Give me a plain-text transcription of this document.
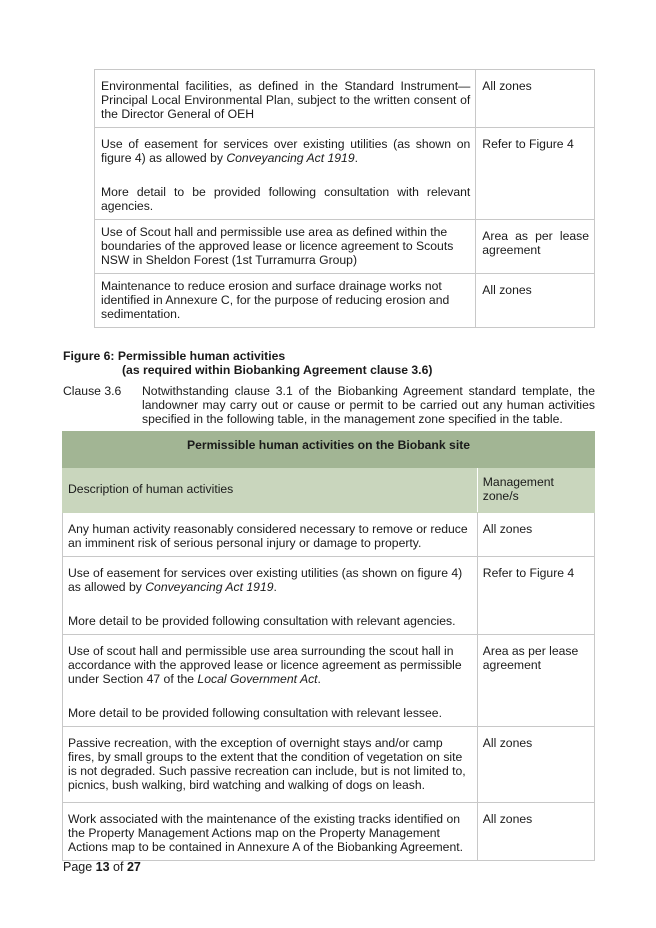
Environmental facilities, as defined in the Standard Instrument—Principal Local Environmental Plan, subject to the written consent of the Director General of OEH	All zones

Use of easement for services over existing utilities (as shown on figure 4) as allowed by Conveyancing Act 1919.
More detail to be provided following consultation with relevant agencies.	Refer to Figure 4
Use of Scout hall and permissible use area as defined within the boundaries of the approved lease or licence agreement to Scouts NSW in Sheldon Forest (1st Turramurra Group)	Area as per lease agreement
Maintenance to reduce erosion and surface drainage works not identified in Annexure C, for the purpose of reducing erosion and sedimentation.	All zones
Figure 6: Permissible human activities
(as required within Biobanking Agreement clause 3.6)
Clause 3.6	Notwithstanding clause 3.1 of the Biobanking Agreement standard template, the landowner may carry out or cause or permit to be carried out any human activities specified in the following table, in the management zone specified in the table.
Permissible human activities on the Biobank site	
Description of human activities	Management zone/s
Any human activity reasonably considered necessary to remove or reduce an imminent risk of serious personal injury or damage to property.	All zones

Use of easement for services over existing utilities (as shown on figure 4) as allowed by Conveyancing Act 1919.
More detail to be provided following consultation with relevant agencies.	Refer to Figure 4

Use of scout hall and permissible use area surrounding the scout hall in accordance with the approved lease or licence agreement as permissible under Section 47 of the Local Government Act.
More detail to be provided following consultation with relevant lessee.	Area as per lease agreement
Passive recreation, with the exception of overnight stays and/or camp fires, by small groups to the extent that the condition of vegetation on site is not degraded. Such passive recreation can include, but is not limited to, picnics, bush walking, bird watching and walking of dogs on leash.	All zones
Work associated with the maintenance of the existing tracks identified on the Property Management Actions map on the Property Management Actions map to be contained in Annexure A of the Biobanking Agreement.	All zones
Page 13 of 27
